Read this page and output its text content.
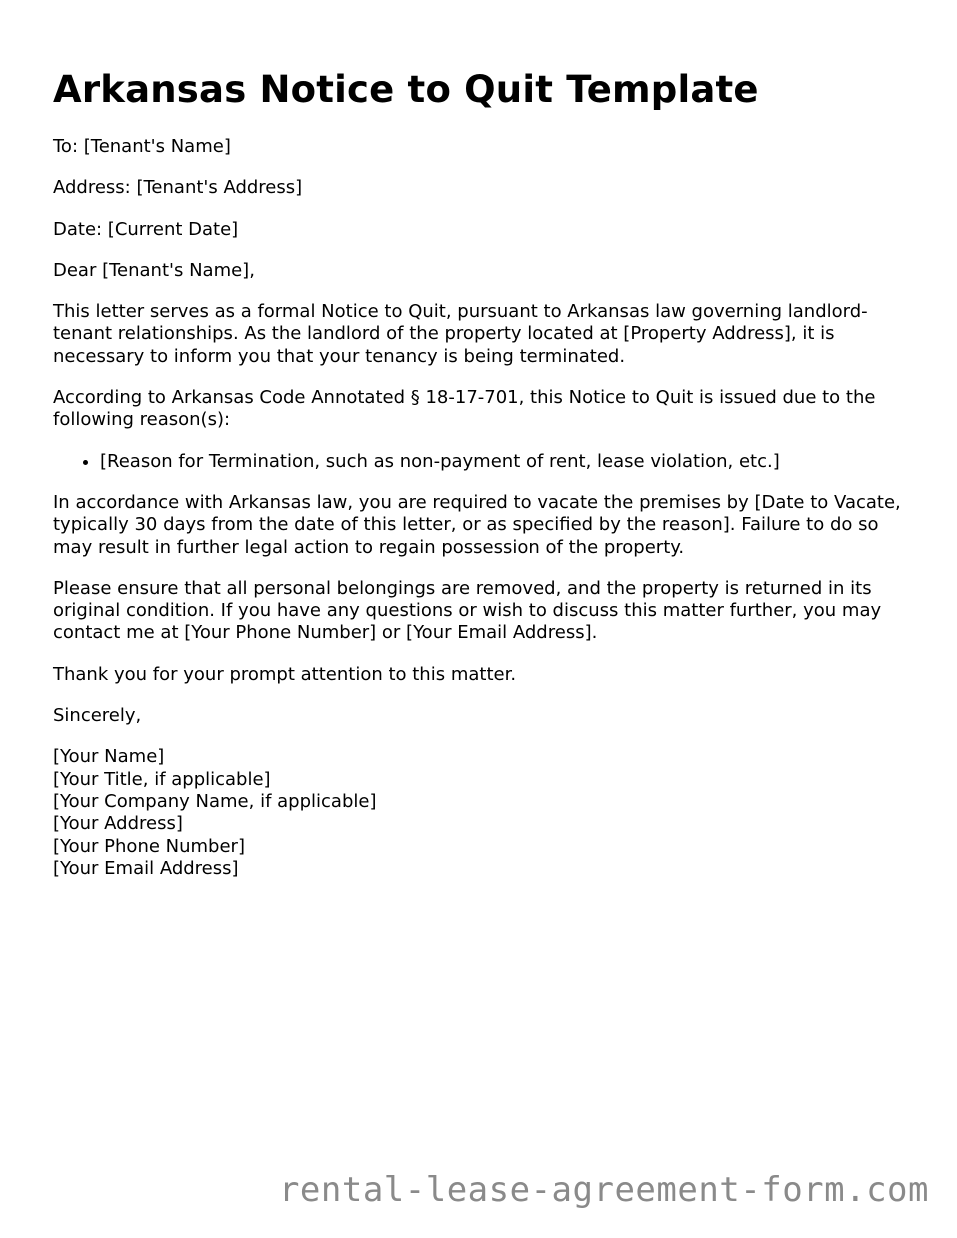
Arkansas Notice to Quit Template

To: [Tenant's Name]

Address: [Tenant's Address]

Date: [Current Date]

Dear [Tenant's Name],

This letter serves as a formal Notice to Quit, pursuant to Arkansas law governing landlord-tenant relationships. As the landlord of the property located at [Property Address], it is necessary to inform you that your tenancy is being terminated.

According to Arkansas Code Annotated § 18-17-701, this Notice to Quit is issued due to the following reason(s):

• [Reason for Termination, such as non-payment of rent, lease violation, etc.]

In accordance with Arkansas law, you are required to vacate the premises by [Date to Vacate, typically 30 days from the date of this letter, or as specified by the reason]. Failure to do so may result in further legal action to regain possession of the property.

Please ensure that all personal belongings are removed, and the property is returned in its original condition. If you have any questions or wish to discuss this matter further, you may contact me at [Your Phone Number] or [Your Email Address].

Thank you for your prompt attention to this matter.

Sincerely,

[Your Name]
[Your Title, if applicable]
[Your Company Name, if applicable]
[Your Address]
[Your Phone Number]
[Your Email Address]
rental-lease-agreement-form.com
